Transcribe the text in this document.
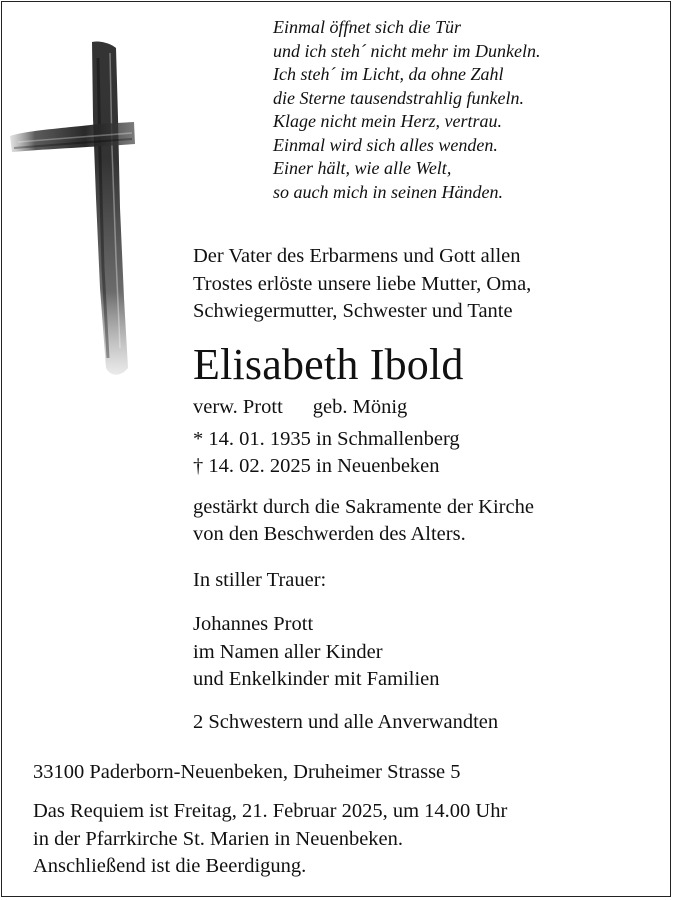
Einmal öffnet sich die Tür
und ich steh´ nicht mehr im Dunkeln.
Ich steh´ im Licht, da ohne Zahl
die Sterne tausendstrahlig funkeln.
Klage nicht mein Herz, vertrau.
Einmal wird sich alles wenden.
Einer hält, wie alle Welt,
so auch mich in seinen Händen.
Der Vater des Erbarmens und Gott allen
Trostes erlöste unsere liebe Mutter, Oma,
Schwiegermutter, Schwester und Tante
Elisabeth Ibold
verw. Prott geb. Mönig
* 14. 01. 1935 in Schmallenberg
† 14. 02. 2025 in Neuenbeken
gestärkt durch die Sakramente der Kirche
von den Beschwerden des Alters.
In stiller Trauer:
Johannes Prott
im Namen aller Kinder
und Enkelkinder mit Familien
2 Schwestern und alle Anverwandten
33100 Paderborn-Neuenbeken, Druheimer Strasse 5
Das Requiem ist Freitag, 21. Februar 2025, um 14.00 Uhr
in der Pfarrkirche St. Marien in Neuenbeken.
Anschließend ist die Beerdigung.
